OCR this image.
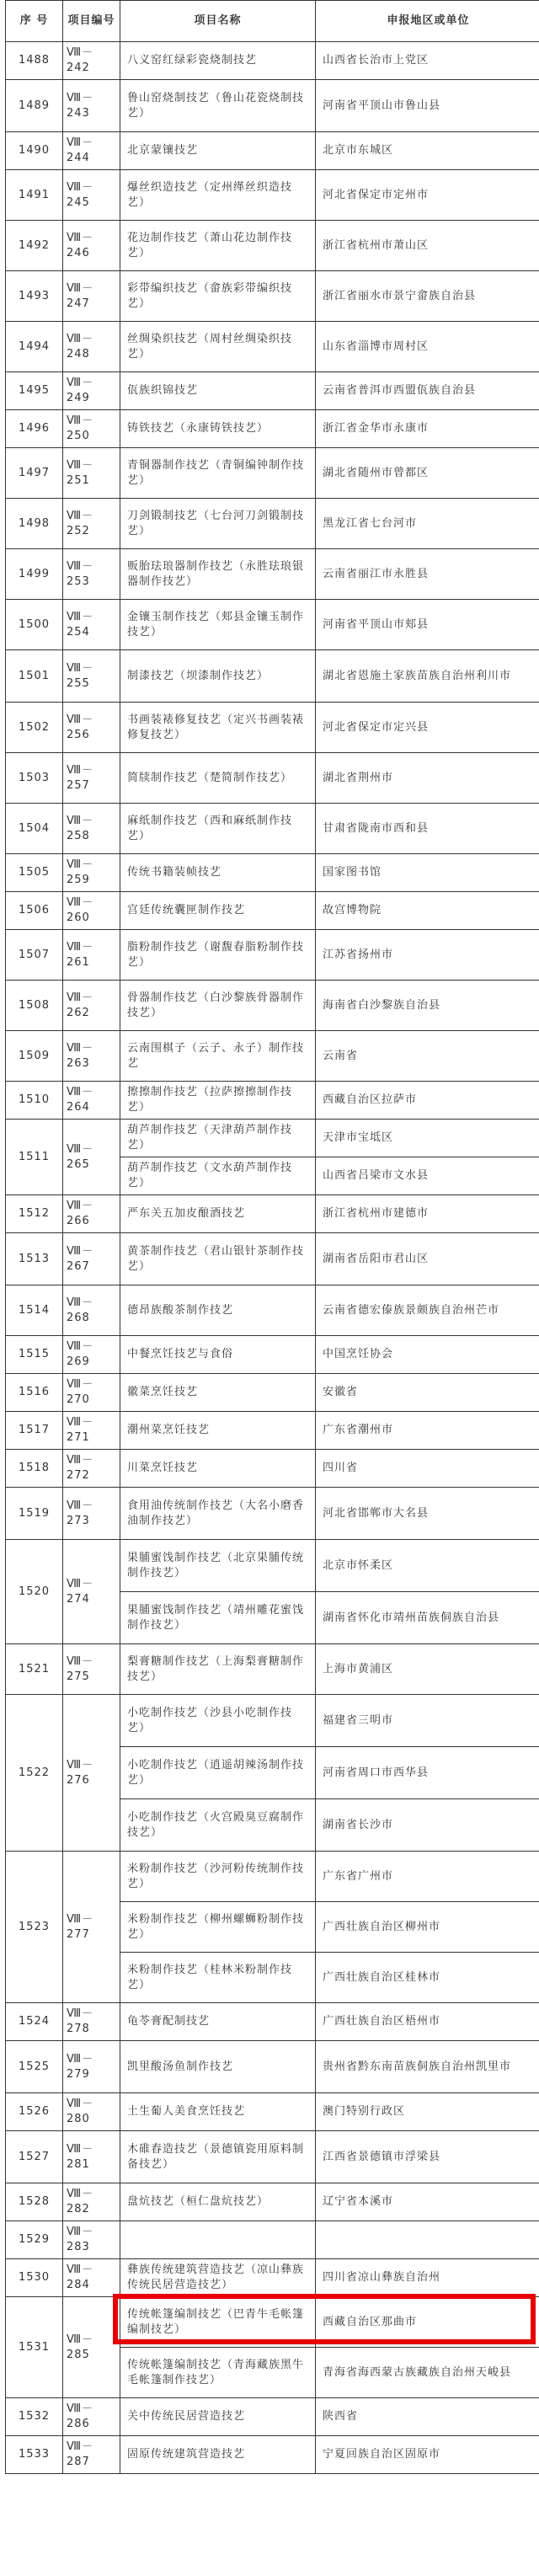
序 号	项目编号	项目名称	申报地区或单位
1488	Ⅷ－242	八义窑红绿彩瓷烧制技艺	山西省长治市上党区
1489	Ⅷ－243	鲁山窑烧制技艺（鲁山花瓷烧制技艺）	河南省平顶山市鲁山县
1490	Ⅷ－244	北京蒙镶技艺	北京市东城区
1491	Ⅷ－245	爆丝织造技艺（定州缂丝织造技艺）	河北省保定市定州市
1492	Ⅷ－246	花边制作技艺（萧山花边制作技艺）	浙江省杭州市萧山区
1493	Ⅷ－247	彩带编织技艺（畲族彩带编织技艺）	浙江省丽水市景宁畲族自治县
1494	Ⅷ－248	丝绸染织技艺（周村丝绸染织技艺）	山东省淄博市周村区
1495	Ⅷ－249	佤族织锦技艺	云南省普洱市西盟佤族自治县
1496	Ⅷ－250	铸铁技艺（永康铸铁技艺）	浙江省金华市永康市
1497	Ⅷ－251	青铜器制作技艺（青铜编钟制作技艺）	湖北省随州市曾都区
1498	Ⅷ－252	刀剑锻制技艺（七台河刀剑锻制技艺）	黑龙江省七台河市
1499	Ⅷ－253	贩胎珐琅器制作技艺（永胜珐琅银器制作技艺）	云南省丽江市永胜县
1500	Ⅷ－254	金镶玉制作技艺（郏县金镶玉制作技艺）	河南省平顶山市郏县
1501	Ⅷ－255	制漆技艺（坝漆制作技艺）	湖北省恩施土家族苗族自治州利川市
1502	Ⅷ－256	书画装裱修复技艺（定兴书画装裱修复技艺）	河北省保定市定兴县
1503	Ⅷ－257	简牍制作技艺（楚简制作技艺）	湖北省荆州市
1504	Ⅷ－258	麻纸制作技艺（西和麻纸制作技艺）	甘肃省陇南市西和县
1505	Ⅷ－259	传统书籍装帧技艺	国家图书馆
1506	Ⅷ－260	宫廷传统囊匣制作技艺	故宫博物院
1507	Ⅷ－261	脂粉制作技艺（谢馥春脂粉制作技艺）	江苏省扬州市
1508	Ⅷ－262	骨器制作技艺（白沙黎族骨器制作技艺）	海南省白沙黎族自治县
1509	Ⅷ－263	云南围棋子（云子、永子）制作技艺	云南省
1510	Ⅷ－264	擦擦制作技艺（拉萨擦擦制作技艺）	西藏自治区拉萨市
1511	Ⅷ－265	葫芦制作技艺（天津葫芦制作技艺）	天津市宝坻区
		葫芦制作技艺（文水葫芦制作技艺）	山西省吕梁市文水县
1512	Ⅷ－266	严东关五加皮酿酒技艺	浙江省杭州市建德市
1513	Ⅷ－267	黄茶制作技艺（君山银针茶制作技艺）	湖南省岳阳市君山区
1514	Ⅷ－268	德昂族酸茶制作技艺	云南省德宏傣族景颇族自治州芒市
1515	Ⅷ－269	中餐烹饪技艺与食俗	中国烹饪协会
1516	Ⅷ－270	徽菜烹饪技艺	安徽省
1517	Ⅷ－271	潮州菜烹饪技艺	广东省潮州市
1518	Ⅷ－272	川菜烹饪技艺	四川省
1519	Ⅷ－273	食用油传统制作技艺（大名小磨香油制作技艺）	河北省邯郸市大名县
1520	Ⅷ－274	果脯蜜饯制作技艺（北京果脯传统制作技艺）	北京市怀柔区
		果脯蜜饯制作技艺（靖州雕花蜜饯制作技艺）	湖南省怀化市靖州苗族侗族自治县
1521	Ⅷ－275	梨膏糖制作技艺（上海梨膏糖制作技艺）	上海市黄浦区
1522	Ⅷ－276	小吃制作技艺（沙县小吃制作技艺）	福建省三明市
		小吃制作技艺（逍遥胡辣汤制作技艺）	河南省周口市西华县
		小吃制作技艺（火宫殿臭豆腐制作技艺）	湖南省长沙市
1523	Ⅷ－277	米粉制作技艺（沙河粉传统制作技艺）	广东省广州市
		米粉制作技艺（柳州螺蛳粉制作技艺）	广西壮族自治区柳州市
		米粉制作技艺（桂林米粉制作技艺）	广西壮族自治区桂林市
1524	Ⅷ－278	龟苓膏配制技艺	广西壮族自治区梧州市
1525	Ⅷ－279	凯里酸汤鱼制作技艺	贵州省黔东南苗族侗族自治州凯里市
1526	Ⅷ－280	土生葡人美食烹饪技艺	澳门特别行政区
1527	Ⅷ－281	木碓舂造技艺（景德镇瓷用原料制备技艺）	江西省景德镇市浮梁县
1528	Ⅷ－282	盘炕技艺（桓仁盘炕技艺）	辽宁省本溪市
1529	Ⅷ－283		
1530	Ⅷ－284	彝族传统建筑营造技艺（凉山彝族传统民居营造技艺）	四川省凉山彝族自治州
1531	Ⅷ－285	传统帐篷编制技艺（巴青牛毛帐篷编制技艺）	西藏自治区那曲市
		传统帐篷编制技艺（青海藏族黑牛毛帐篷制作技艺）	青海省海西蒙古族藏族自治州天峻县
1532	Ⅷ－286	关中传统民居营造技艺	陕西省
1533	Ⅷ－287	固原传统建筑营造技艺	宁夏回族自治区固原市
